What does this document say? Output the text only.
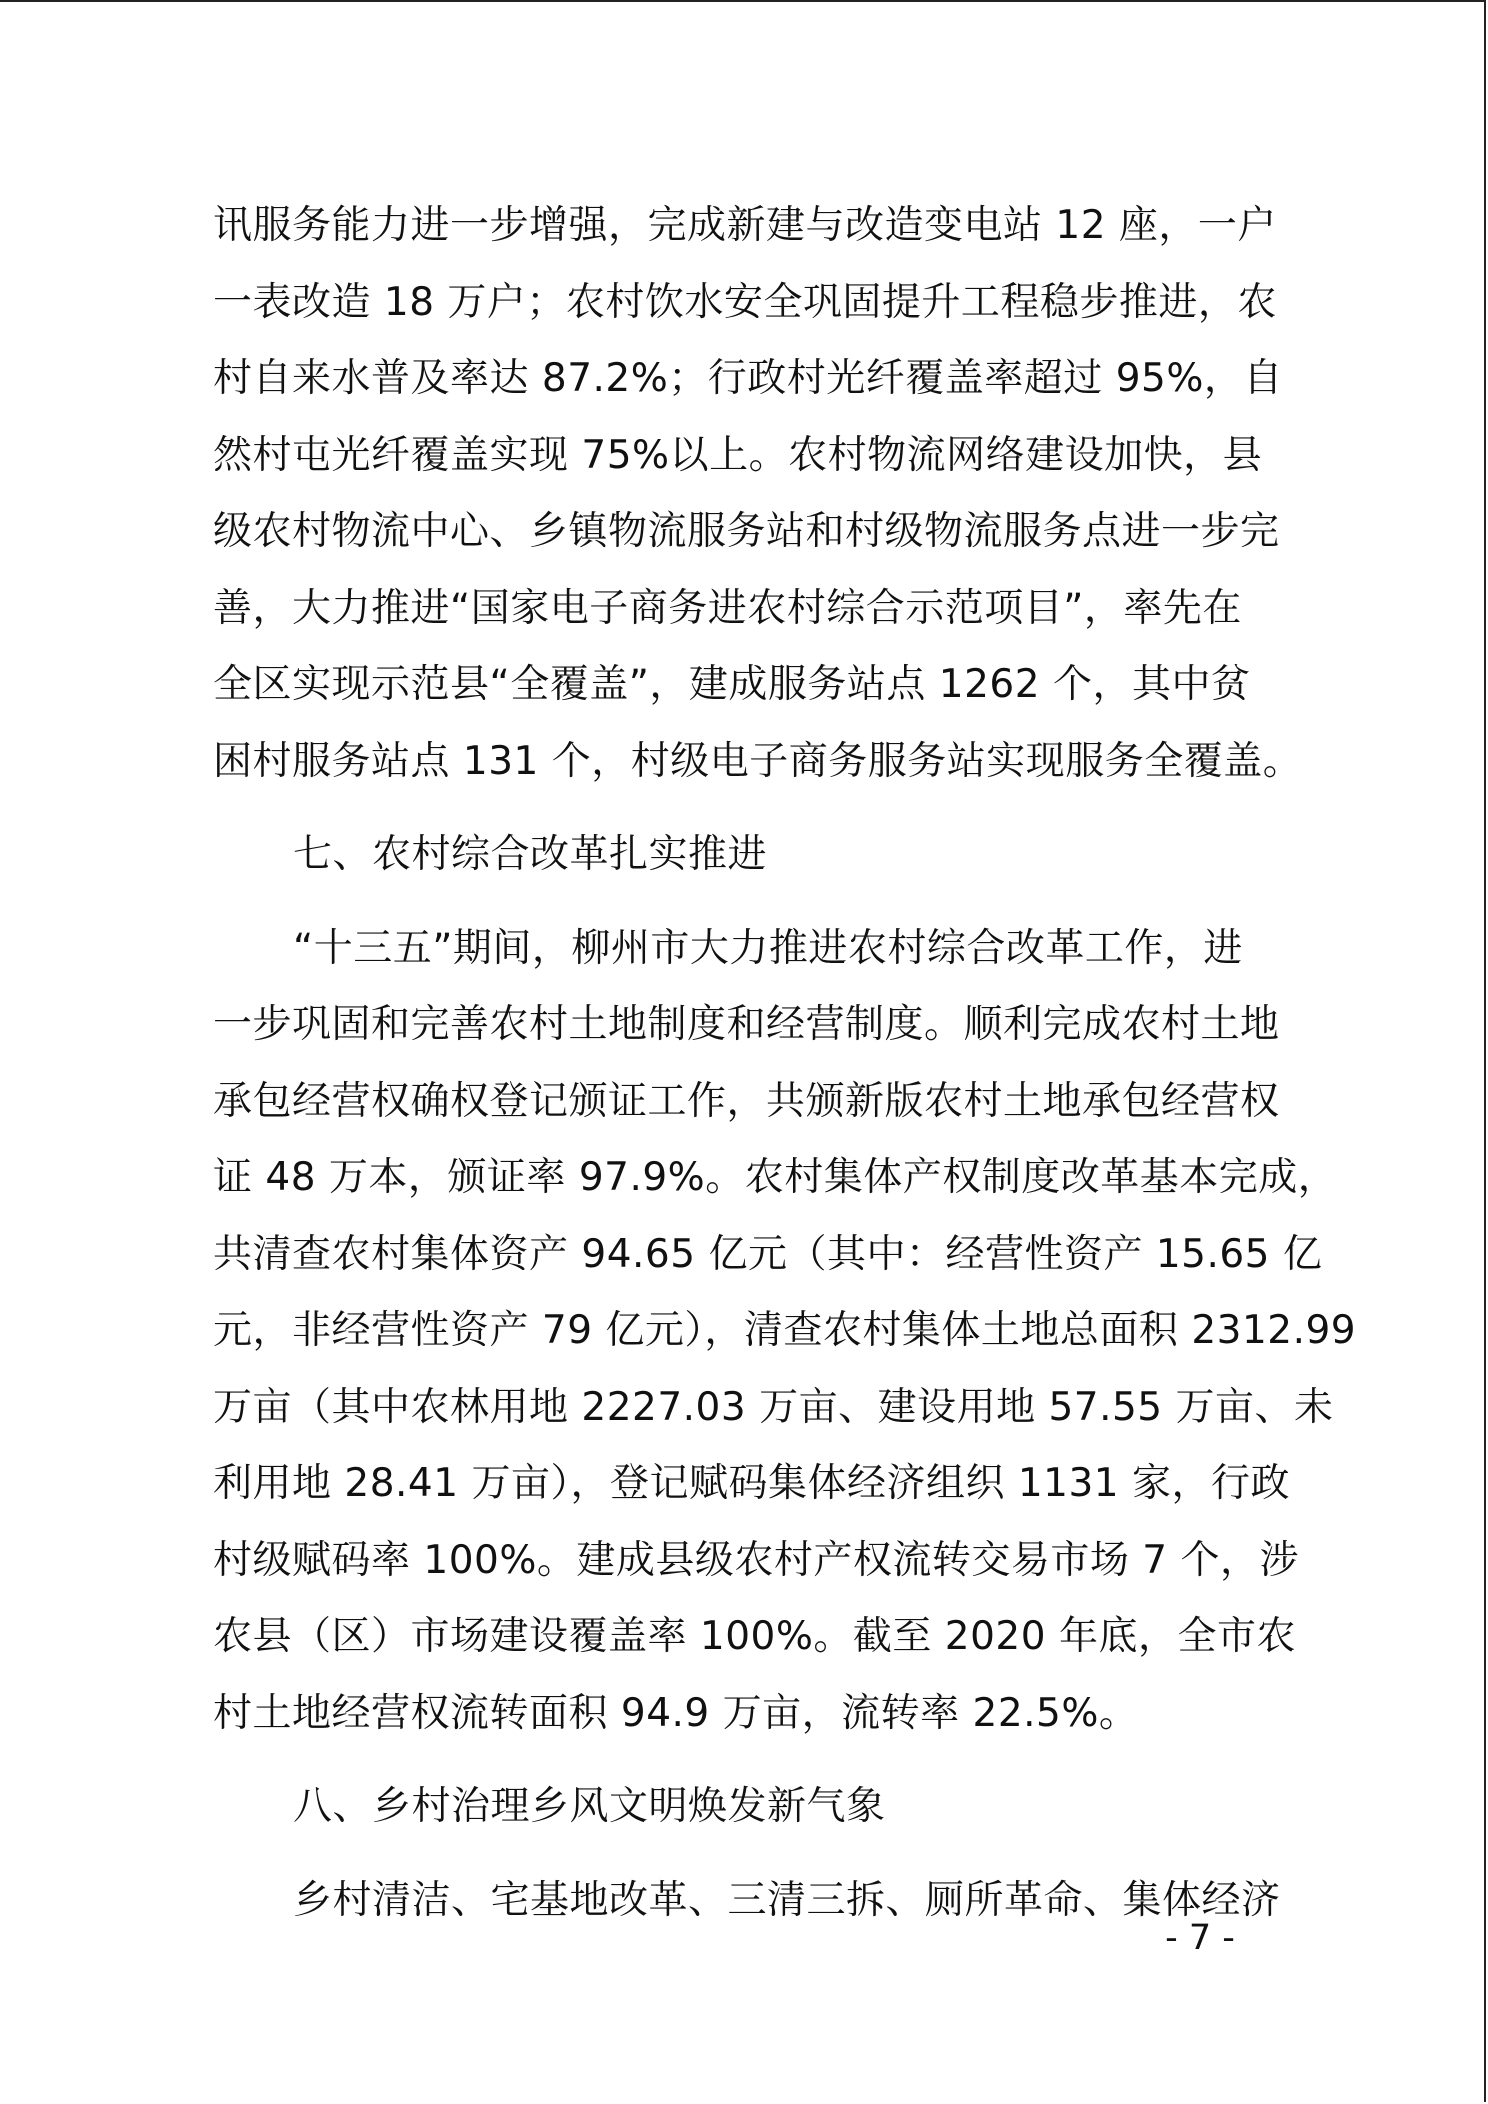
讯服务能力进一步增强，完成新建与改造变电站 12 座，一户
一表改造 18 万户；农村饮水安全巩固提升工程稳步推进，农
村自来水普及率达 87.2%；行政村光纤覆盖率超过 95%，自
然村屯光纤覆盖实现 75%以上。农村物流网络建设加快，县
级农村物流中心、乡镇物流服务站和村级物流服务点进一步完
善，大力推进“国家电子商务进农村综合示范项目”，率先在
全区实现示范县“全覆盖”，建成服务站点 1262 个，其中贫
困村服务站点 131 个，村级电子商务服务站实现服务全覆盖。
七、农村综合改革扎实推进
“十三五”期间，柳州市大力推进农村综合改革工作，进
一步巩固和完善农村土地制度和经营制度。顺利完成农村土地
承包经营权确权登记颁证工作，共颁新版农村土地承包经营权
证 48 万本，颁证率 97.9%。农村集体产权制度改革基本完成，
共清查农村集体资产 94.65 亿元（其中：经营性资产 15.65 亿
元，非经营性资产 79 亿元），清查农村集体土地总面积 2312.99
万亩（其中农林用地 2227.03 万亩、建设用地 57.55 万亩、未
利用地 28.41 万亩），登记赋码集体经济组织 1131 家，行政
村级赋码率 100%。建成县级农村产权流转交易市场 7 个，涉
农县（区）市场建设覆盖率 100%。截至 2020 年底，全市农
村土地经营权流转面积 94.9 万亩，流转率 22.5%。
八、乡村治理乡风文明焕发新气象
乡村清洁、宅基地改革、三清三拆、厕所革命、集体经济
- 7 -
